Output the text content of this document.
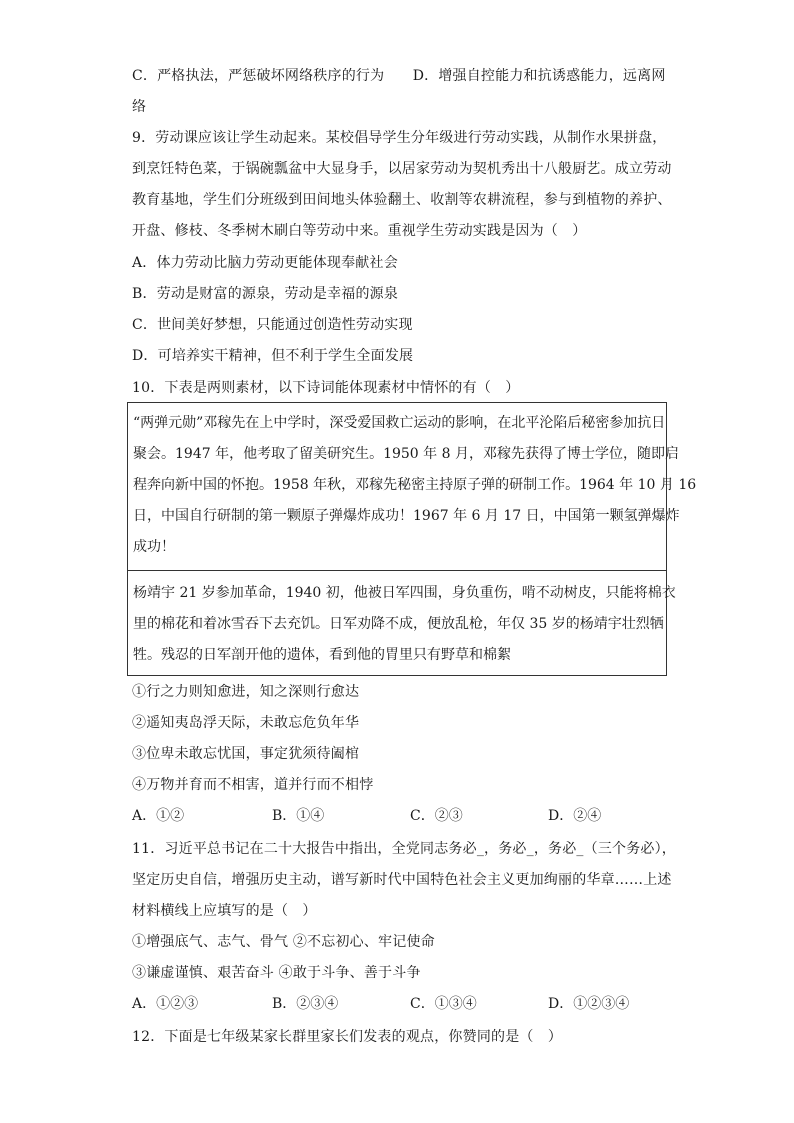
C．严格执法，严惩破坏网络秩序的行为　　D．增强自控能力和抗诱惑能力，远离网
络
9．劳动课应该让学生动起来。某校倡导学生分年级进行劳动实践，从制作水果拼盘，
到烹饪特色菜，于锅碗瓢盆中大显身手，以居家劳动为契机秀出十八般厨艺。成立劳动
教育基地，学生们分班级到田间地头体验翻土、收割等农耕流程，参与到植物的养护、
开盘、修枝、冬季树木刷白等劳动中来。重视学生劳动实践是因为（　）
A．体力劳动比脑力劳动更能体现奉献社会
B．劳动是财富的源泉，劳动是幸福的源泉
C．世间美好梦想，只能通过创造性劳动实现
D．可培养实干精神，但不利于学生全面发展
10．下表是两则素材，以下诗词能体现素材中情怀的有（　）
“两弹元勋”邓稼先在上中学时，深受爱国救亡运动的影响，在北平沦陷后秘密参加抗日
聚会。1947 年，他考取了留美研究生。1950 年 8 月，邓稼先获得了博士学位，随即启
程奔向新中国的怀抱。1958 年秋，邓稼先秘密主持原子弹的研制工作。1964 年 10 月 16
日，中国自行研制的第一颗原子弹爆炸成功！1967 年 6 月 17 日，中国第一颗氢弹爆炸
成功！
杨靖宇 21 岁参加革命，1940 初，他被日军四围，身负重伤，啃不动树皮，只能将棉衣
里的棉花和着冰雪吞下去充饥。日军劝降不成，便放乱枪，年仅 35 岁的杨靖宇壮烈牺
牲。残忍的日军剖开他的遗体，看到他的胃里只有野草和棉絮
①行之力则知愈进，知之深则行愈达
②遥知夷岛浮天际，未敢忘危负年华
③位卑未敢忘忧国，事定犹须待阖棺
④万物并育而不相害，道并行而不相悖
A．①②	B．①④	C．②③	D．②④
11．习近平总书记在二十大报告中指出，全党同志务必_，务必_，务必_（三个务必），
坚定历史自信，增强历史主动，谱写新时代中国特色社会主义更加绚丽的华章……上述
材料横线上应填写的是（　）
①增强底气、志气、骨气 ②不忘初心、牢记使命
③谦虚谨慎、艰苦奋斗 ④敢于斗争、善于斗争
A．①②③	B．②③④	C．①③④	D．①②③④
12．下面是七年级某家长群里家长们发表的观点，你赞同的是（　）
